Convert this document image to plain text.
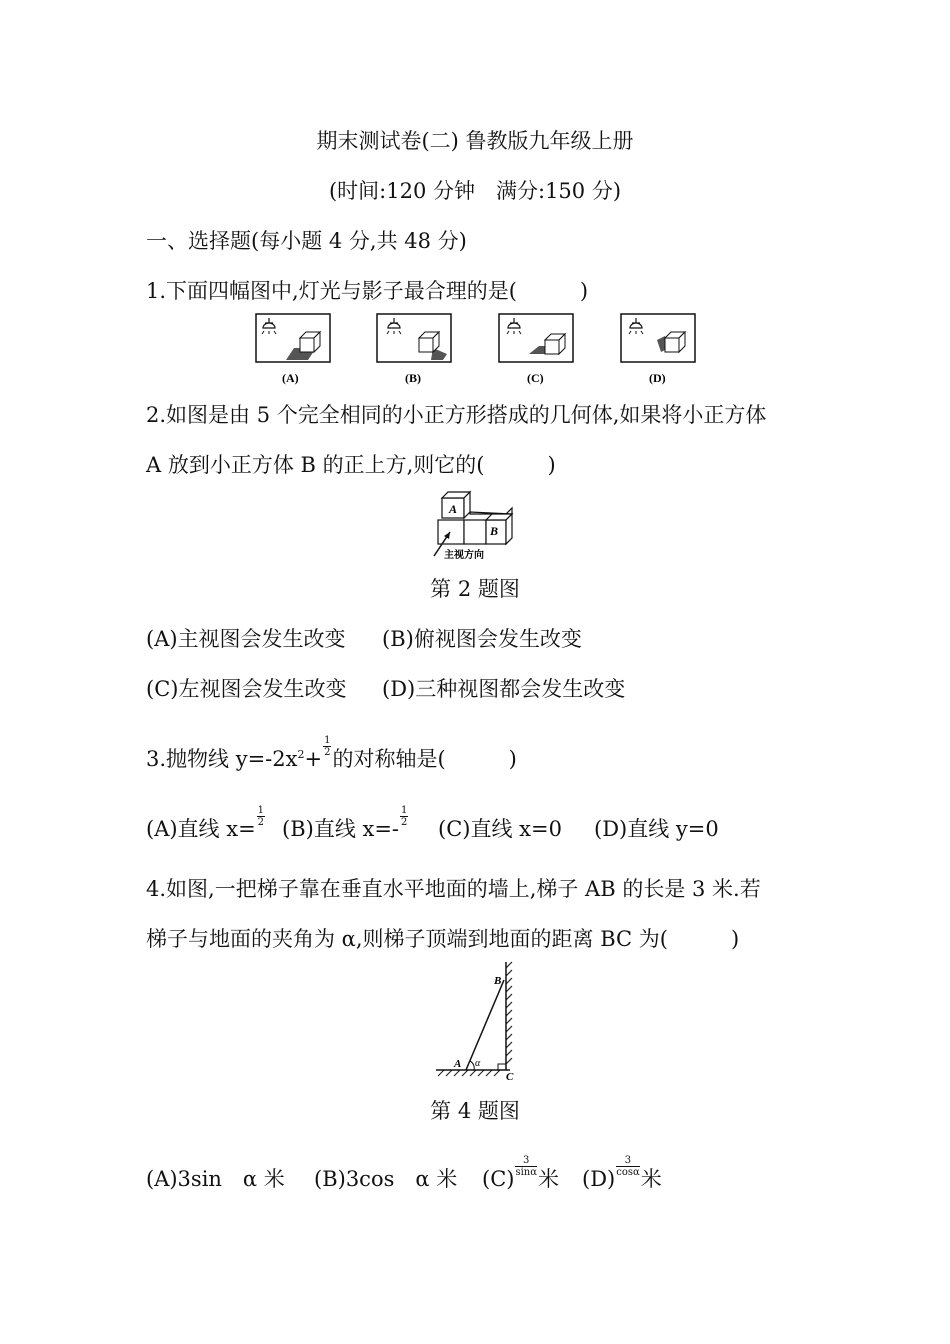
期末测试卷(二) 鲁教版九年级上册
(时间:120 分钟　满分:150 分)
一、选择题(每小题 4 分,共 48 分)
1.下面四幅图中,灯光与影子最合理的是(　　　)
(A)	(B)	(C)	(D)
2.如图是由 5 个完全相同的小正方形搭成的几何体,如果将小正方体
A 放到小正方体 B 的正上方,则它的(　　　)
A
B
主视方向
第 2 题图
(A)主视图会发生改变 (B)俯视图会发生改变
(C)左视图会发生改变 (D)三种视图都会发生改变
3.抛物线 $y=-2x^2+$
$\frac{1}{2}$
的对称轴是(　　　)
(A)直线 x=
$\frac{1}{2}$
(B)直线 x=-
$\frac{1}{2}$
(C)直线 x=0 (D)直线 y=0
4.如图,一把梯子靠在垂直水平地面的墙上,梯子 AB 的长是 3 米.若
梯子与地面的夹角为 α,则梯子顶端到地面的距离 BC 为(　　　)
A
B
C
α
第 4 题图
(A)3sin　α 米 (B)3cos　α 米 (C)
$\frac{3}{\sin\alpha}$
米 (D)
$\frac{3}{\cos\alpha}$
米
